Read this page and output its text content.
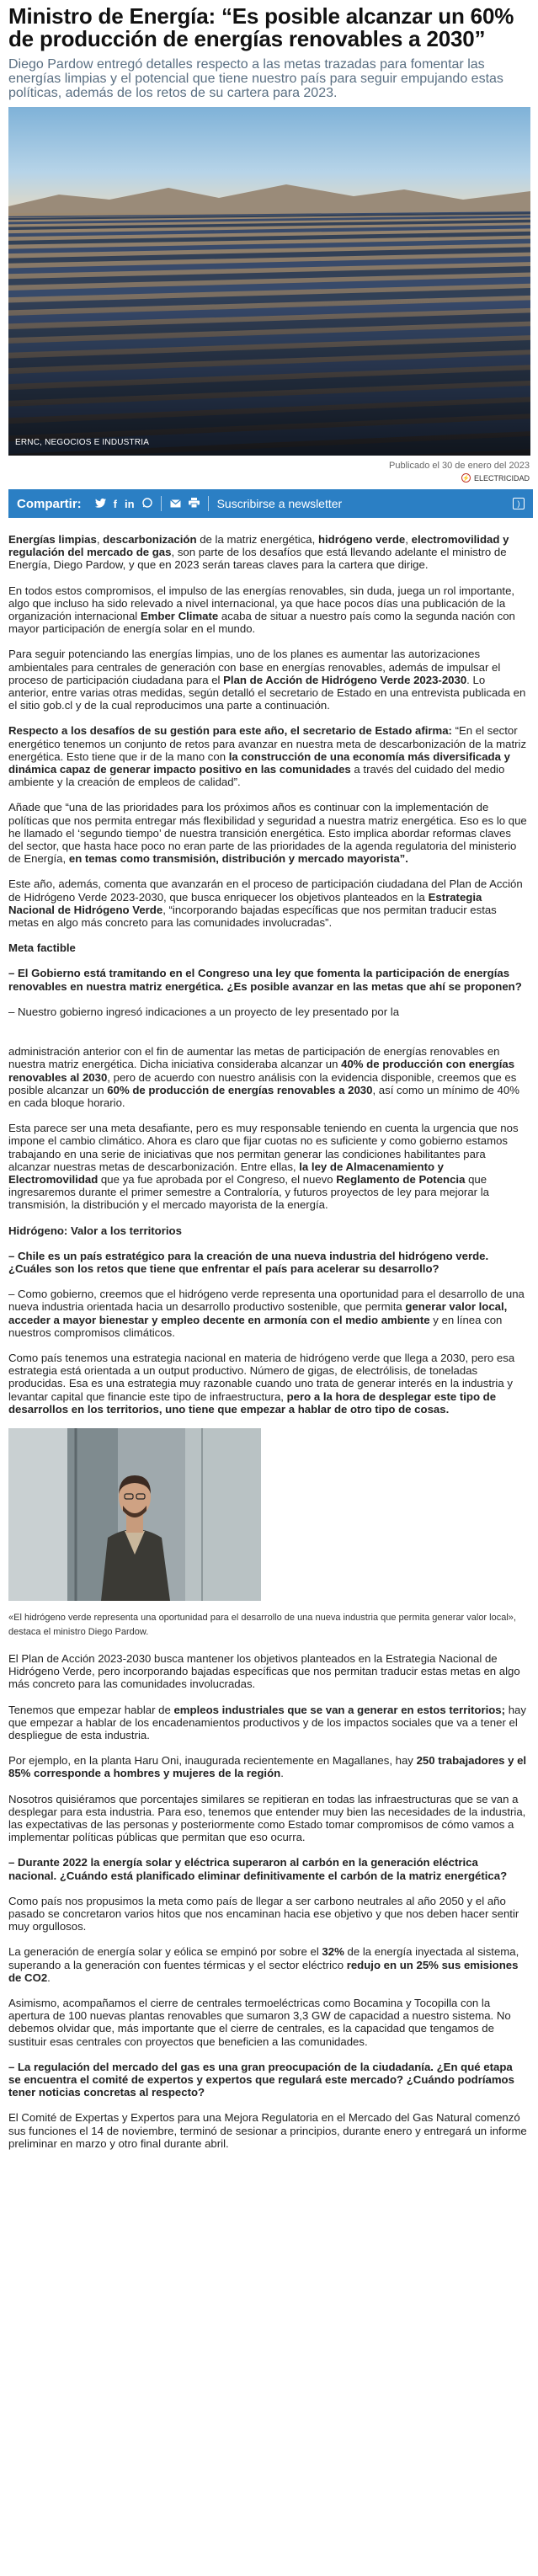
Ministro de Energía: “Es posible alcanzar un 60% de producción de energías renovables a 2030”

Diego Pardow entregó detalles respecto a las metas trazadas para fomentar las energías limpias y el potencial que tiene nuestro país para seguir empujando estas políticas, además de los retos de su cartera para 2023.

ERNC, NEGOCIOS E INDUSTRIA
Publicado el 30 de enero del 2023
⚡ ELECTRICIDAD
Compartir:	f in	Suscribirse a newsletter	)

Energías limpias, descarbonización de la matriz energética, hidrógeno verde, electromovilidad y regulación del mercado de gas, son parte de los desafíos que está llevando adelante el ministro de Energía, Diego Pardow, y que en 2023 serán tareas claves para la cartera que dirige.

En todos estos compromisos, el impulso de las energías renovables, sin duda, juega un rol importante, algo que incluso ha sido relevado a nivel internacional, ya que hace pocos días una publicación de la organización internacional Ember Climate acaba de situar a nuestro país como la segunda nación con mayor participación de energía solar en el mundo.

Para seguir potenciando las energías limpias, uno de los planes es aumentar las autorizaciones ambientales para centrales de generación con base en energías renovables, además de impulsar el proceso de participación ciudadana para el Plan de Acción de Hidrógeno Verde 2023-2030. Lo anterior, entre varias otras medidas, según detalló el secretario de Estado en una entrevista publicada en el sitio gob.cl y de la cual reproducimos una parte a continuación.

Respecto a los desafíos de su gestión para este año, el secretario de Estado afirma: “En el sector energético tenemos un conjunto de retos para avanzar en nuestra meta de descarbonización de la matriz energética. Esto tiene que ir de la mano con la construcción de una economía más diversificada y dinámica capaz de generar impacto positivo en las comunidades a través del cuidado del medio ambiente y la creación de empleos de calidad”.

Añade que “una de las prioridades para los próximos años es continuar con la implementación de políticas que nos permita entregar más flexibilidad y seguridad a nuestra matriz energética. Eso es lo que he llamado el ‘segundo tiempo’ de nuestra transición energética. Esto implica abordar reformas claves del sector, que hasta hace poco no eran parte de las prioridades de la agenda regulatoria del ministerio de Energía, en temas como transmisión, distribución y mercado mayorista”.

Este año, además, comenta que avanzarán en el proceso de participación ciudadana del Plan de Acción de Hidrógeno Verde 2023-2030, que busca enriquecer los objetivos planteados en la Estrategia Nacional de Hidrógeno Verde, “incorporando bajadas específicas que nos permitan traducir estas metas en algo más concreto para las comunidades involucradas”.

Meta factible

– El Gobierno está tramitando en el Congreso una ley que fomenta la participación de energías renovables en nuestra matriz energética. ¿Es posible avanzar en las metas que ahí se proponen?

– Nuestro gobierno ingresó indicaciones a un proyecto de ley presentado por la

administración anterior con el fin de aumentar las metas de participación de energías renovables en nuestra matriz energética. Dicha iniciativa consideraba alcanzar un 40% de producción con energías renovables al 2030, pero de acuerdo con nuestro análisis con la evidencia disponible, creemos que es posible alcanzar un 60% de producción de energías renovables a 2030, así como un mínimo de 40% en cada bloque horario.

Esta parece ser una meta desafiante, pero es muy responsable teniendo en cuenta la urgencia que nos impone el cambio climático. Ahora es claro que fijar cuotas no es suficiente y como gobierno estamos trabajando en una serie de iniciativas que nos permitan generar las condiciones habilitantes para alcanzar nuestras metas de descarbonización. Entre ellas, la ley de Almacenamiento y Electromovilidad que ya fue aprobada por el Congreso, el nuevo Reglamento de Potencia que ingresaremos durante el primer semestre a Contraloría, y futuros proyectos de ley para mejorar la transmisión, la distribución y el mercado mayorista de la energía.

Hidrógeno: Valor a los territorios

– Chile es un país estratégico para la creación de una nueva industria del hidrógeno verde. ¿Cuáles son los retos que tiene que enfrentar el país para acelerar su desarrollo?

– Como gobierno, creemos que el hidrógeno verde representa una oportunidad para el desarrollo de una nueva industria orientada hacia un desarrollo productivo sostenible, que permita generar valor local, acceder a mayor bienestar y empleo decente en armonía con el medio ambiente y en línea con nuestros compromisos climáticos.

Como país tenemos una estrategia nacional en materia de hidrógeno verde que llega a 2030, pero esa estrategia está orientada a un output productivo. Número de gigas, de electrólisis, de toneladas producidas. Esa es una estrategia muy razonable cuando uno trata de generar interés en la industria y levantar capital que financie este tipo de infraestructura, pero a la hora de desplegar este tipo de desarrollos en los territorios, uno tiene que empezar a hablar de otro tipo de cosas.

«El hidrógeno verde representa una oportunidad para el desarrollo de una nueva industria que permita generar valor local», destaca el ministro Diego Pardow.

El Plan de Acción 2023-2030 busca mantener los objetivos planteados en la Estrategia Nacional de Hidrógeno Verde, pero incorporando bajadas específicas que nos permitan traducir estas metas en algo más concreto para las comunidades involucradas.

Tenemos que empezar hablar de empleos industriales que se van a generar en estos territorios; hay que empezar a hablar de los encadenamientos productivos y de los impactos sociales que va a tener el despliegue de esta industria.

Por ejemplo, en la planta Haru Oni, inaugurada recientemente en Magallanes, hay 250 trabajadores y el 85% corresponde a hombres y mujeres de la región.

Nosotros quisiéramos que porcentajes similares se repitieran en todas las infraestructuras que se van a desplegar para esta industria. Para eso, tenemos que entender muy bien las necesidades de la industria, las expectativas de las personas y posteriormente como Estado tomar compromisos de cómo vamos a implementar políticas públicas que permitan que eso ocurra.

– Durante 2022 la energía solar y eléctrica superaron al carbón en la generación eléctrica nacional. ¿Cuándo está planificado eliminar definitivamente el carbón de la matriz energética?

Como país nos propusimos la meta como país de llegar a ser carbono neutrales al año 2050 y el año pasado se concretaron varios hitos que nos encaminan hacia ese objetivo y que nos deben hacer sentir muy orgullosos.

La generación de energía solar y eólica se empinó por sobre el 32% de la energía inyectada al sistema, superando a la generación con fuentes térmicas y el sector eléctrico redujo en un 25% sus emisiones de CO2.

Asimismo, acompañamos el cierre de centrales termoeléctricas como Bocamina y Tocopilla con la apertura de 100 nuevas plantas renovables que sumaron 3,3 GW de capacidad a nuestro sistema. No debemos olvidar que, más importante que el cierre de centrales, es la capacidad que tengamos de sustituir esas centrales con proyectos que beneficien a las comunidades.

– La regulación del mercado del gas es una gran preocupación de la ciudadanía. ¿En qué etapa se encuentra el comité de expertos y expertos que regulará este mercado? ¿Cuándo podríamos tener noticias concretas al respecto?

El Comité de Expertas y Expertos para una Mejora Regulatoria en el Mercado del Gas Natural comenzó sus funciones el 14 de noviembre, terminó de sesionar a principios, durante enero y entregará un informe preliminar en marzo y otro final durante abril.
